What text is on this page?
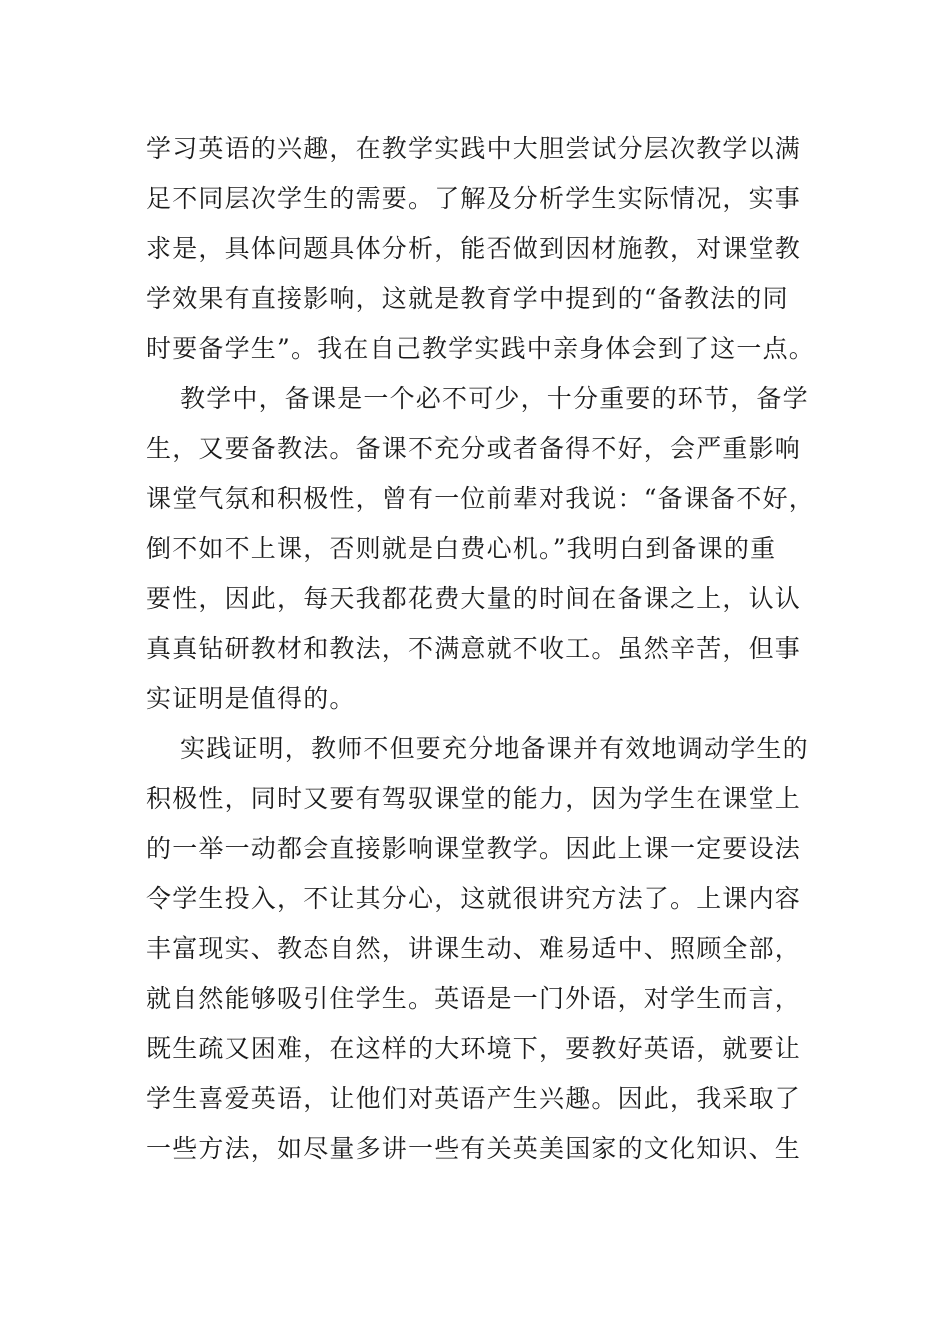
学习英语的兴趣，在教学实践中大胆尝试分层次教学以满
足不同层次学生的需要。了解及分析学生实际情况，实事
求是，具体问题具体分析，能否做到因材施教，对课堂教
学效果有直接影响，这就是教育学中提到的“备教法的同
时要备学生”。我在自己教学实践中亲身体会到了这一点。
教学中，备课是一个必不可少，十分重要的环节，备学
生，又要备教法。备课不充分或者备得不好，会严重影响
课堂气氛和积极性，曾有一位前辈对我说：“备课备不好，
倒不如不上课，否则就是白费心机。”我明白到备课的重
要性，因此，每天我都花费大量的时间在备课之上，认认
真真钻研教材和教法，不满意就不收工。虽然辛苦，但事
实证明是值得的。
实践证明，教师不但要充分地备课并有效地调动学生的
积极性，同时又要有驾驭课堂的能力，因为学生在课堂上
的一举一动都会直接影响课堂教学。因此上课一定要设法
令学生投入，不让其分心，这就很讲究方法了。上课内容
丰富现实、教态自然，讲课生动、难易适中、照顾全部，
就自然能够吸引住学生。英语是一门外语，对学生而言，
既生疏又困难，在这样的大环境下，要教好英语，就要让
学生喜爱英语，让他们对英语产生兴趣。因此，我采取了
一些方法，如尽量多讲一些有关英美国家的文化知识、生
